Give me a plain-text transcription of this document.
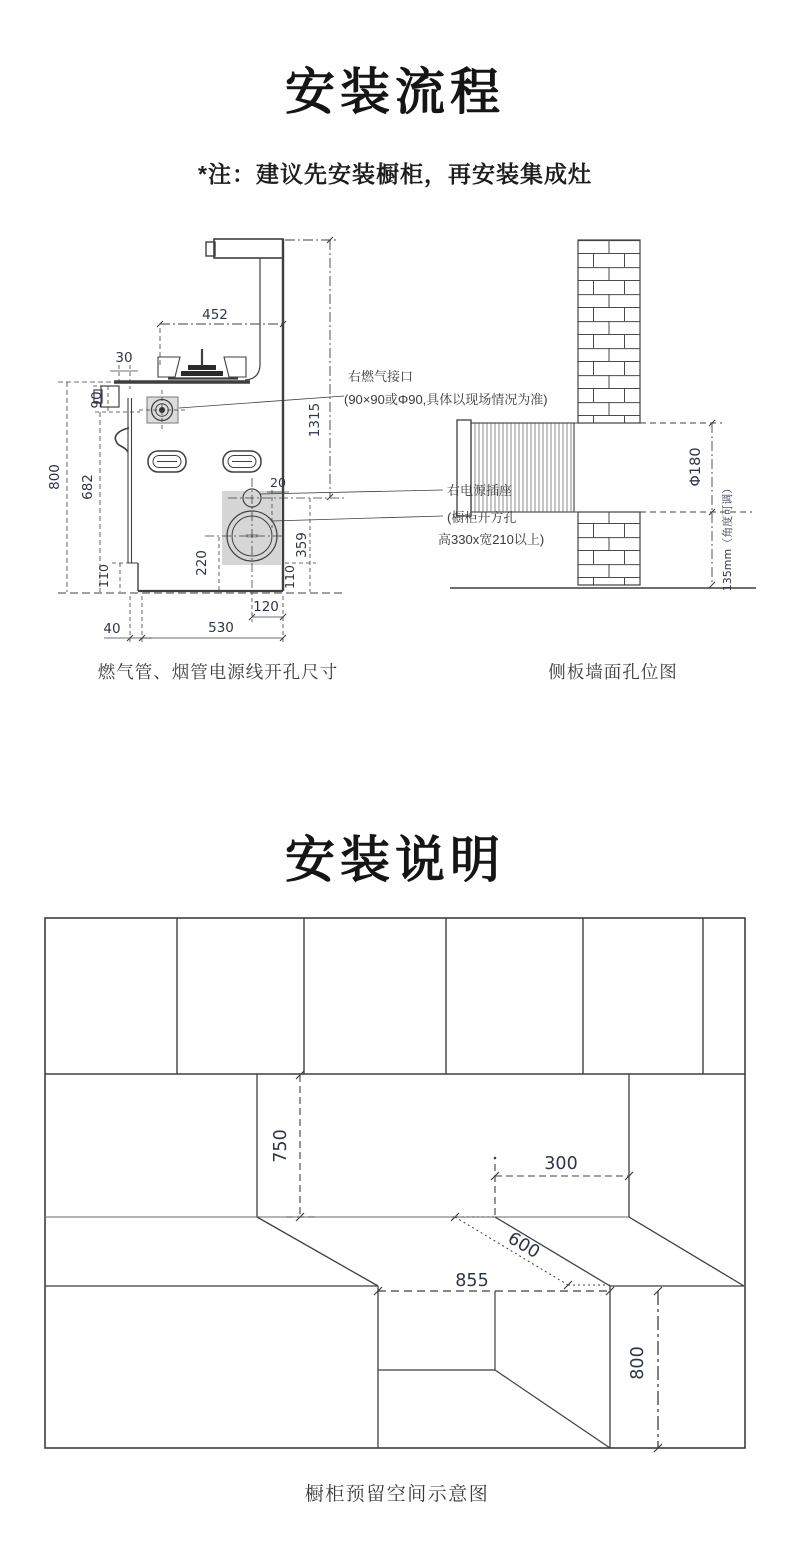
安装流程
*注：建议先安装橱柜，再安装集成灶
452
30
90
1315
800 682
110
40	530
120
220
359
110
20
右燃气接口
(90×90或Φ90,具体以现场情况为准)
右电源插座
(橱柜开方孔
高330x宽210以上)
Φ180
135mm（角度可调）
燃气管、烟管电源线开孔尺寸	侧板墙面孔位图
安装说明
750
300
600
855
800
橱柜预留空间示意图
